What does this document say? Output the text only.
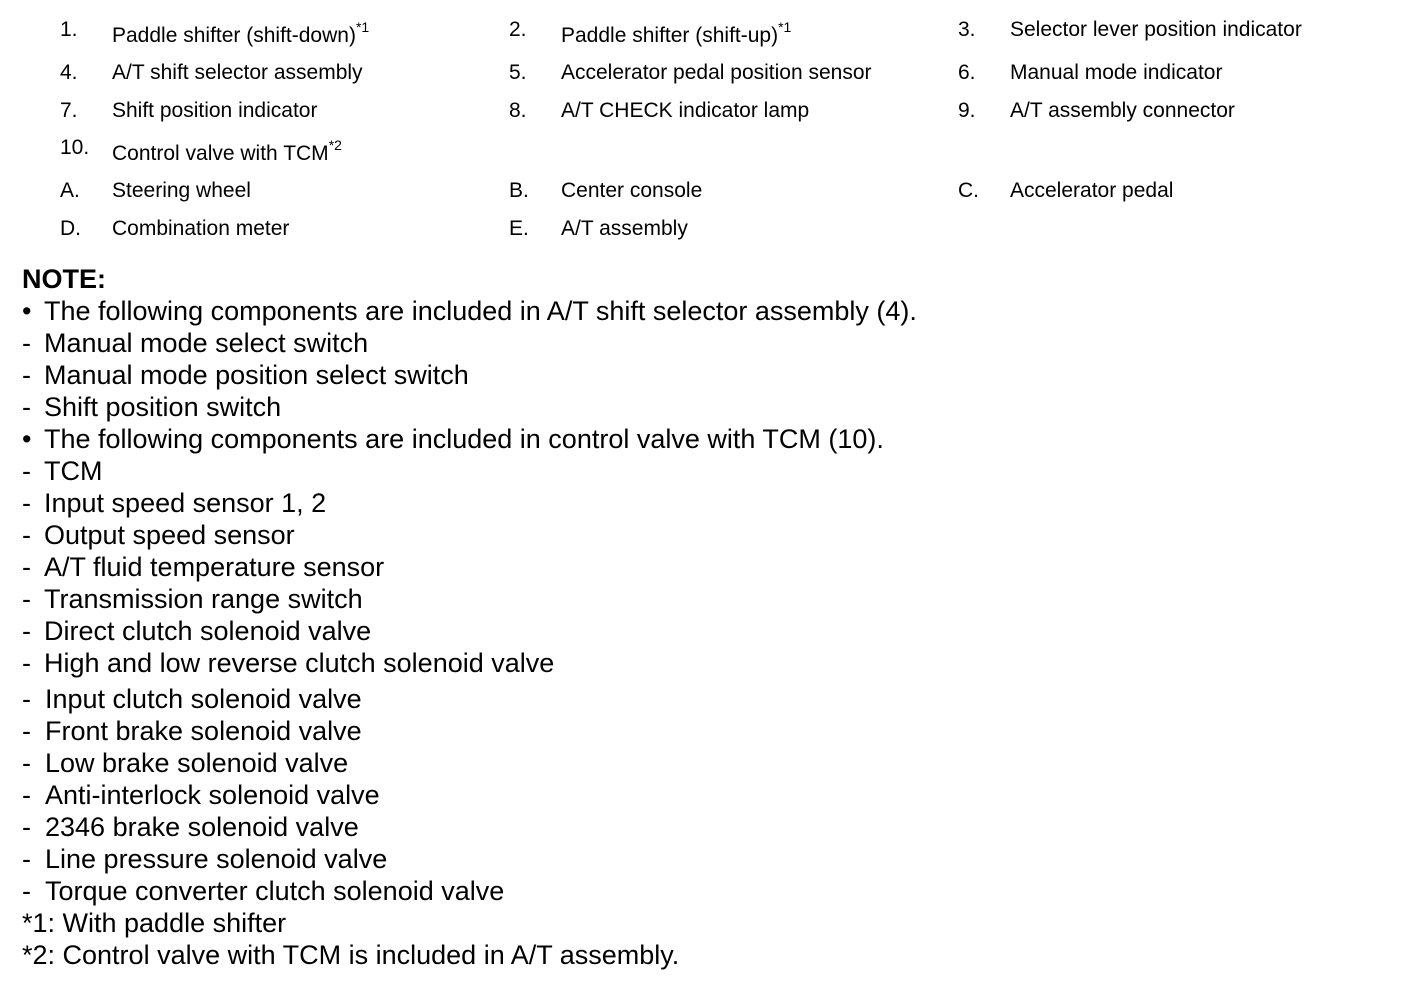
1. Paddle shifter (shift-down)$^{*1}$	2. Paddle shifter (shift-up)$^{*1}$	3. Selector lever position indicator
4. A/T shift selector assembly	5. Accelerator pedal position sensor	6. Manual mode indicator
7. Shift position indicator	8. A/T CHECK indicator lamp	9. A/T assembly connector
10. Control valve with TCM$^{*2}$
A. Steering wheel	B. Center console	C. Accelerator pedal
D. Combination meter	E. A/T assembly
NOTE:
• The following components are included in A/T shift selector assembly (4).
- Manual mode select switch
- Manual mode position select switch
- Shift position switch
• The following components are included in control valve with TCM (10).
- TCM
- Input speed sensor 1, 2
- Output speed sensor
- A/T fluid temperature sensor
- Transmission range switch
- Direct clutch solenoid valve
- High and low reverse clutch solenoid valve
- Input clutch solenoid valve
- Front brake solenoid valve
- Low brake solenoid valve
- Anti-interlock solenoid valve
- 2346 brake solenoid valve
- Line pressure solenoid valve
- Torque converter clutch solenoid valve
*1: With paddle shifter
*2: Control valve with TCM is included in A/T assembly.
